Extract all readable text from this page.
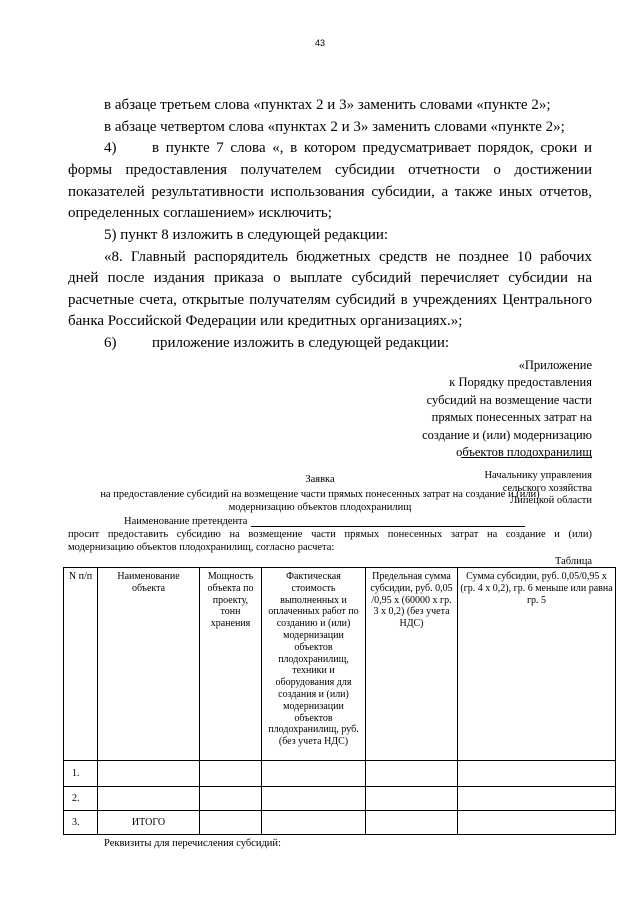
43
в абзаце третьем слова «пунктах 2 и 3» заменить словами «пункте 2»;
в абзаце четвертом слова «пунктах 2 и 3» заменить словами «пункте 2»;
4) в пункте 7 слова «, в котором предусматривает порядок, сроки и
формы предоставления получателем субсидии отчетности о достижении
показателей результативности использования субсидии, а также иных отчетов,
определенных соглашением» исключить;
5) пункт 8 изложить в следующей редакции:
«8. Главный распорядитель бюджетных средств не позднее 10 рабочих
дней после издания приказа о выплате субсидий перечисляет субсидии на
расчетные счета, открытые получателям субсидий в учреждениях Центрального
банка Российской Федерации или кредитных организациях.»;
6) приложение изложить в следующей редакции:
«Приложение
к Порядку предоставления
субсидий на возмещение части
прямых понесенных затрат на
создание и (или) модернизацию
объектов плодохранилищ
Начальнику управления
сельского хозяйства
Липецкой области
Заявка
на предоставление субсидий на возмещение части прямых понесенных затрат на создание и (или)
модернизацию объектов плодохранилищ
Наименование претендента
просит предоставить субсидию на возмещение части прямых понесенных затрат на создание и (или)
модернизацию объектов плодохранилищ, согласно расчета:
Таблица
N п/п	Наименование объекта	Мощность объекта по проекту, тонн хранения	Фактическая стоимость выполненных и оплаченных работ по созданию и (или) модернизации объектов плодохранилищ, техники и оборудования для создания и (или) модернизации объектов плодохранилищ, руб. (без учета НДС)	Предельная сумма субсидии, руб. 0,05 /0,95 x (60000 x гр. 3 x 0,2) (без учета НДС)	Сумма субсидии, руб. 0,05/0,95 x (гр. 4 x 0,2), гр. 6 меньше или равна гр. 5
1.					
2.					
3.	ИТОГО				
Реквизиты для перечисления субсидий:
